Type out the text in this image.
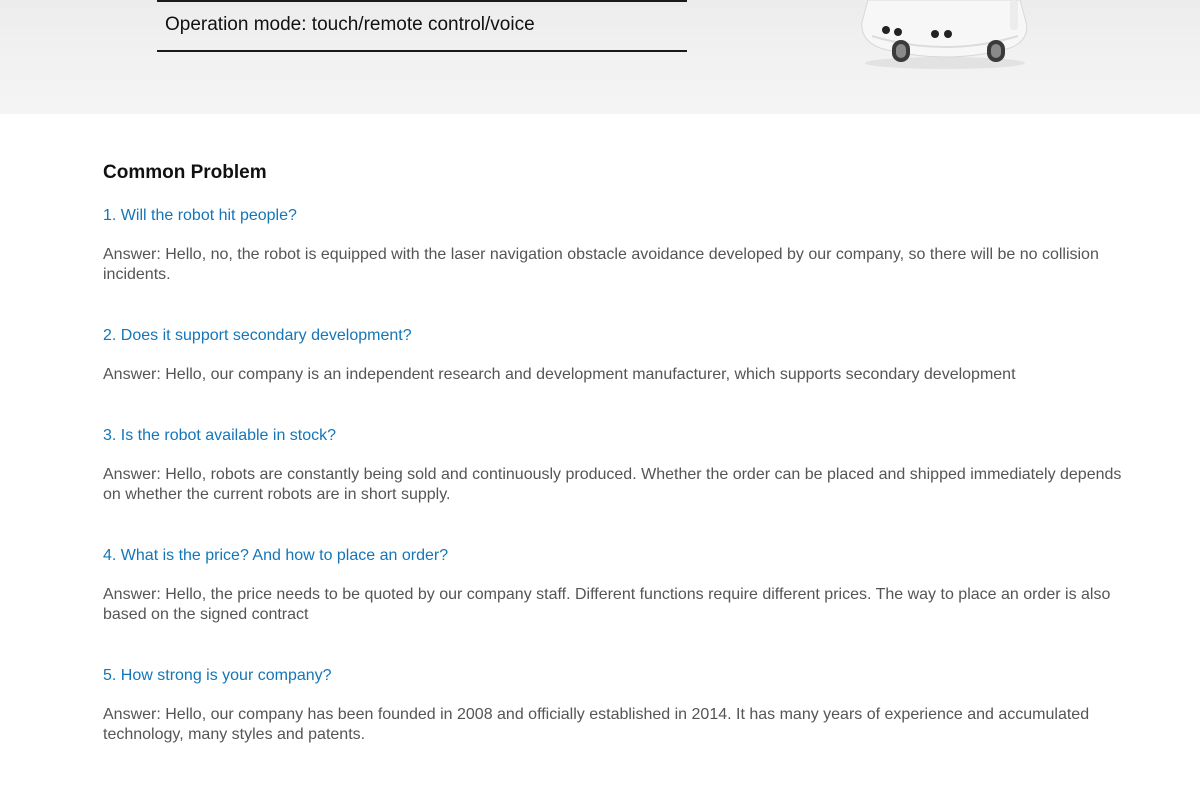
Operation mode: touch/remote control/voice
Common Problem
1. Will the robot hit people?
Answer: Hello, no, the robot is equipped with the laser navigation obstacle avoidance developed by our company, so there will be no collision incidents.
2. Does it support secondary development?
Answer: Hello, our company is an independent research and development manufacturer, which supports secondary development
3. Is the robot available in stock?
Answer: Hello, robots are constantly being sold and continuously produced. Whether the order can be placed and shipped immediately depends on whether the current robots are in short supply.
4. What is the price? And how to place an order?
Answer: Hello, the price needs to be quoted by our company staff. Different functions require different prices. The way to place an order is also based on the signed contract
5. How strong is your company?
Answer: Hello, our company has been founded in 2008 and officially established in 2014. It has many years of experience and accumulated technology, many styles and patents.
